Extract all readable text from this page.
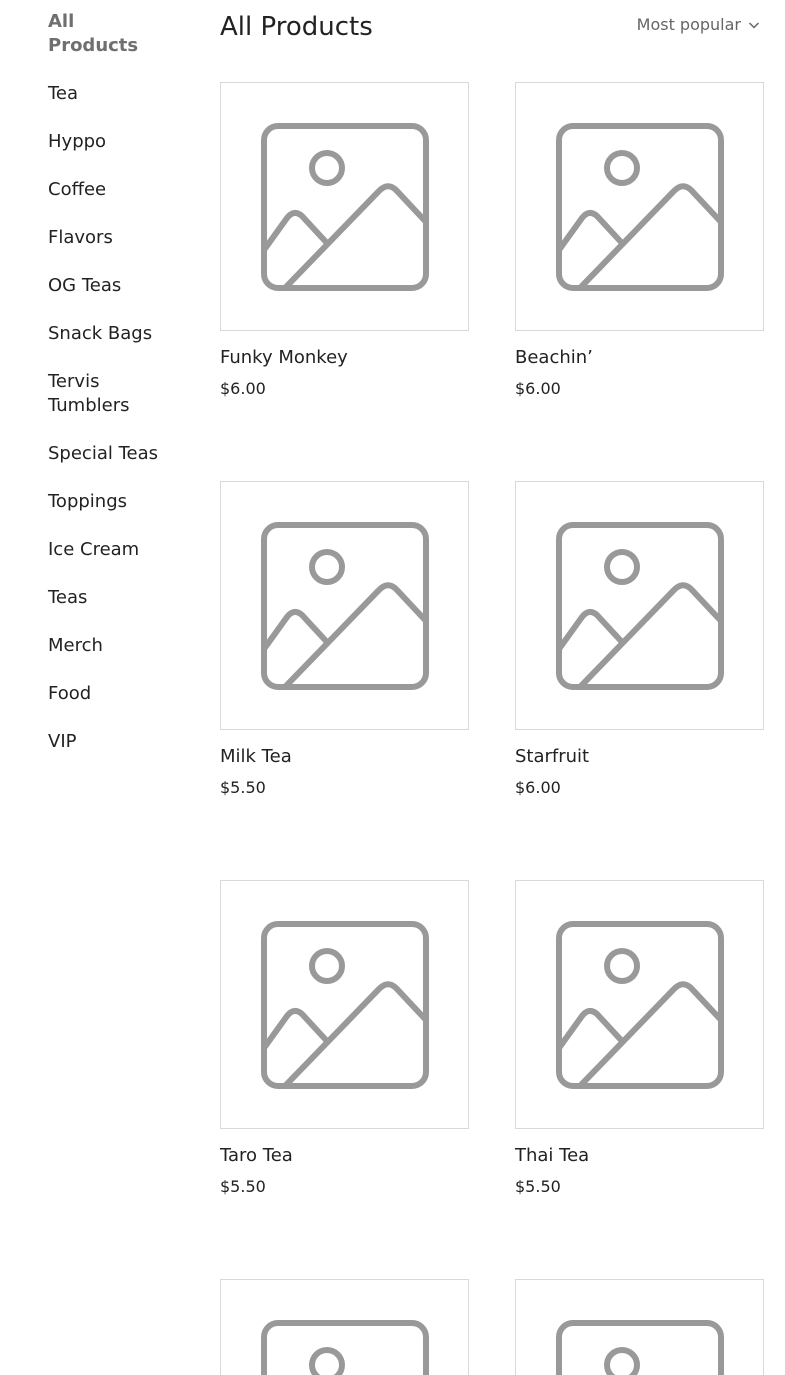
All Products
Tea
Hyppo
Coffee
Flavors
OG Teas
Snack Bags
Tervis Tumblers
Special Teas
Toppings
Ice Cream
Teas
Merch
Food
VIP
All Products	Most popular
Funky Monkey
$6.00
Beachin’
$6.00
Milk Tea
$5.50
Starfruit
$6.00
Taro Tea
$5.50
Thai Tea
$5.50
